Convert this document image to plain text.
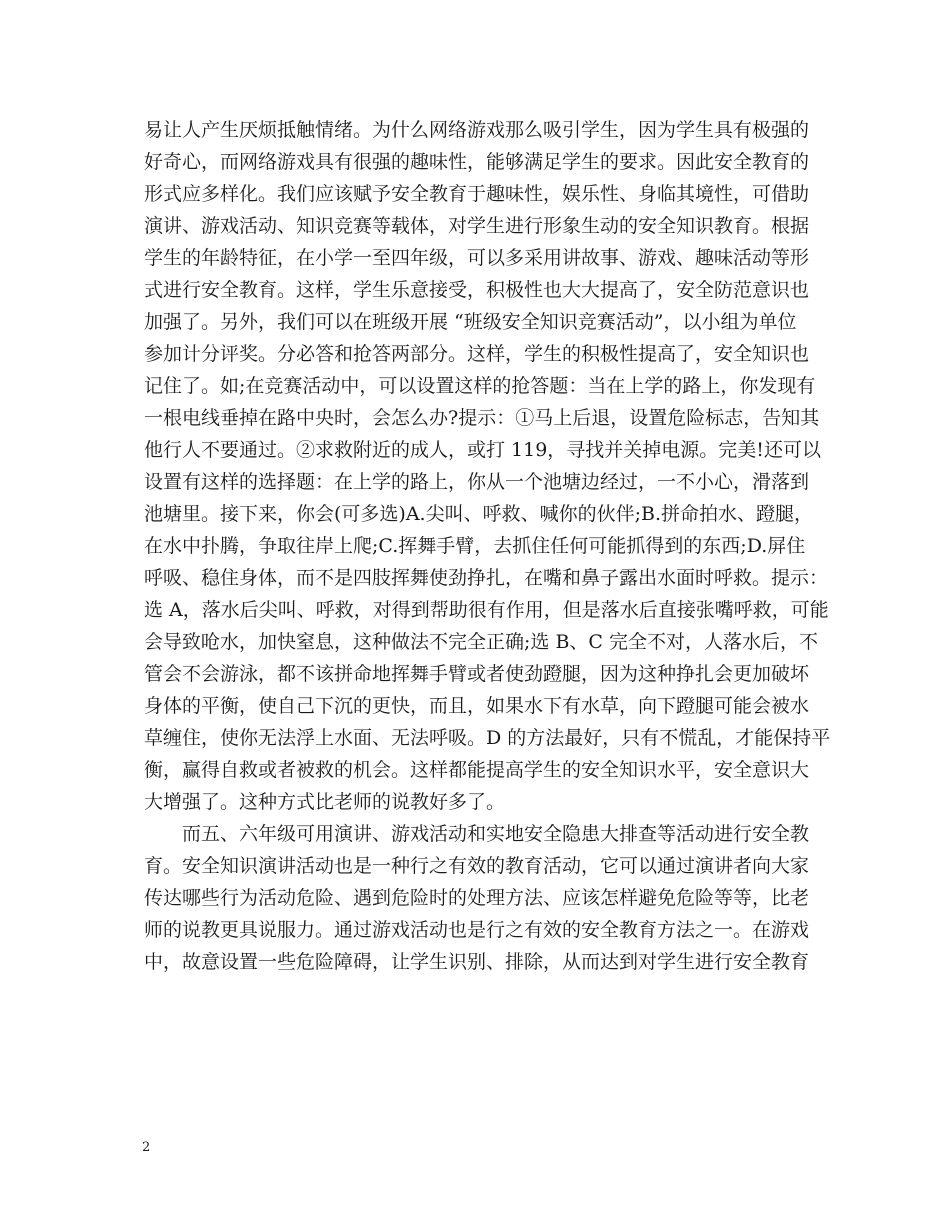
易让人产生厌烦抵触情绪。为什么网络游戏那么吸引学生，因为学生具有极强的
好奇心，而网络游戏具有很强的趣味性，能够满足学生的要求。因此安全教育的
形式应多样化。我们应该赋予安全教育于趣味性，娱乐性、身临其境性，可借助
演讲、游戏活动、知识竞赛等载体，对学生进行形象生动的安全知识教育。根据
学生的年龄特征，在小学一至四年级，可以多采用讲故事、游戏、趣味活动等形
式进行安全教育。这样，学生乐意接受，积极性也大大提高了，安全防范意识也
加强了。另外，我们可以在班级开展 “班级安全知识竞赛活动”，以小组为单位
参加计分评奖。分必答和抢答两部分。这样，学生的积极性提高了，安全知识也
记住了。如;在竞赛活动中，可以设置这样的抢答题：当在上学的路上，你发现有
一根电线垂掉在路中央时，会怎么办?提示：①马上后退，设置危险标志，告知其
他行人不要通过。②求救附近的成人，或打 119，寻找并关掉电源。完美!还可以
设置有这样的选择题：在上学的路上，你从一个池塘边经过，一不小心，滑落到
池塘里。接下来，你会(可多选)A.尖叫、呼救、喊你的伙伴;B.拼命拍水、蹬腿，
在水中扑腾，争取往岸上爬;C.挥舞手臂，去抓住任何可能抓得到的东西;D.屏住
呼吸、稳住身体，而不是四肢挥舞使劲挣扎，在嘴和鼻子露出水面时呼救。提示：
选 A，落水后尖叫、呼救，对得到帮助很有作用，但是落水后直接张嘴呼救，可能
会导致呛水，加快窒息，这种做法不完全正确;选 B、C 完全不对，人落水后，不
管会不会游泳，都不该拼命地挥舞手臂或者使劲蹬腿，因为这种挣扎会更加破坏
身体的平衡，使自己下沉的更快，而且，如果水下有水草，向下蹬腿可能会被水
草缠住，使你无法浮上水面、无法呼吸。D 的方法最好，只有不慌乱，才能保持平
衡，赢得自救或者被救的机会。这样都能提高学生的安全知识水平，安全意识大
大增强了。这种方式比老师的说教好多了。
而五、六年级可用演讲、游戏活动和实地安全隐患大排查等活动进行安全教
育。安全知识演讲活动也是一种行之有效的教育活动，它可以通过演讲者向大家
传达哪些行为活动危险、遇到危险时的处理方法、应该怎样避免危险等等，比老
师的说教更具说服力。通过游戏活动也是行之有效的安全教育方法之一。在游戏
中，故意设置一些危险障碍，让学生识别、排除，从而达到对学生进行安全教育
2
